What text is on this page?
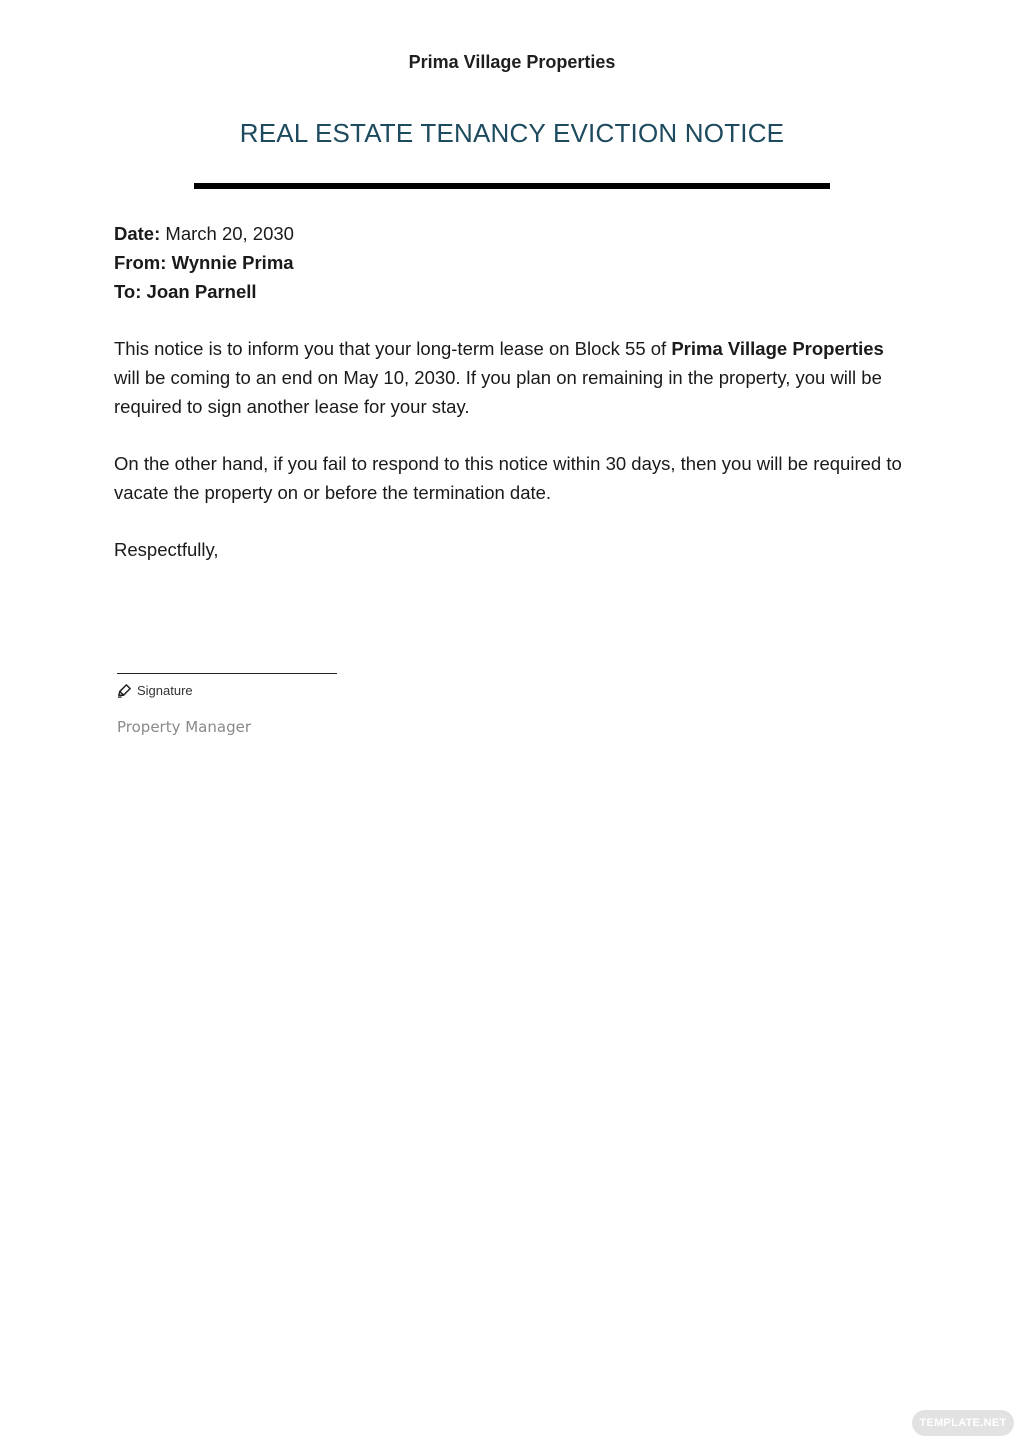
Prima Village Properties
REAL ESTATE TENANCY EVICTION NOTICE
Date: March 20, 2030
From: Wynnie Prima
To: Joan Parnell

This notice is to inform you that your long-term lease on Block 55 of Prima Village Properties will be coming to an end on May 10, 2030. If you plan on remaining in the property, you will be required to sign another lease for your stay.

On the other hand, if you fail to respond to this notice within 30 days, then you will be required to vacate the property on or before the termination date.

Respectfully,

Signature
Property Manager
TEMPLATE.NET
